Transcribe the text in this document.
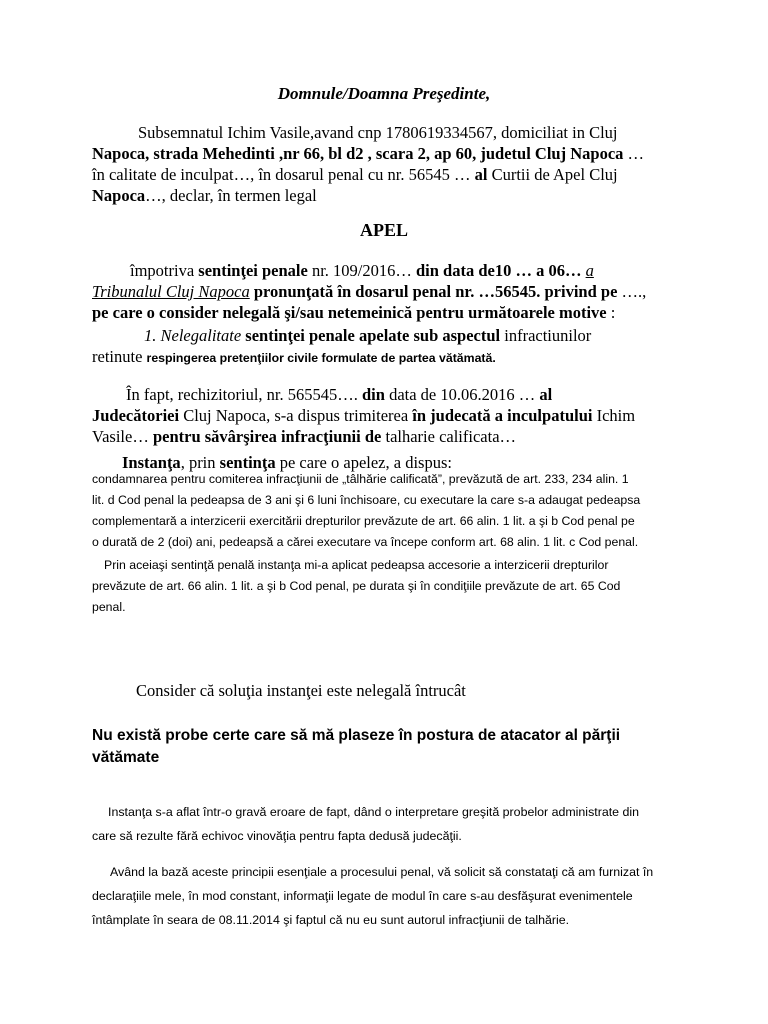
Domnule/Doamna Preşedinte,
Subsemnatul Ichim Vasile,avand cnp 1780619334567, domiciliat in Cluj
Napoca, strada Mehedinti ,nr 66, bl d2 , scara 2, ap 60, judetul Cluj Napoca …
în calitate de inculpat…, în dosarul penal cu nr. 56545 … al Curtii de Apel Cluj
Napoca…, declar, în termen legal
APEL
împotriva sentinţei penale nr. 109/2016… din data de10 … a 06… a
Tribunalul Cluj Napoca pronunţată în dosarul penal nr. …56545. privind pe ….,
pe care o consider nelegală şi/sau netemeinică pentru următoarele motive :
1. Nelegalitate sentinţei penale apelate sub aspectul infractiunilor
retinute respingerea pretenţiilor civile formulate de partea vătămată.
În fapt, rechizitoriul, nr. 565545…. din data de 10.06.2016 … al
Judecătoriei Cluj Napoca, s-a dispus trimiterea în judecată a inculpatului Ichim
Vasile… pentru săvârşirea infracţiunii de talharie calificata…
Instanţa, prin sentinţa pe care o apelez, a dispus:
condamnarea pentru comiterea infracţiunii de „tâlhărie calificată”, prevăzută de art. 233, 234 alin. 1
lit. d Cod penal la pedeapsa de 3 ani şi 6 luni închisoare, cu executare la care s-a adaugat pedeapsa
complementară a interzicerii exercitării drepturilor prevăzute de art. 66 alin. 1 lit. a şi b Cod penal pe
o durată de 2 (doi) ani, pedeapsă a cărei executare va începe conform art. 68 alin. 1 lit. c Cod penal.
Prin aceiaşi sentinţă penală instanţa mi-a aplicat pedeapsa accesorie a interzicerii drepturilor
prevăzute de art. 66 alin. 1 lit. a şi b Cod penal, pe durata şi în condiţiile prevăzute de art. 65 Cod
penal.
Consider că soluţia instanţei este nelegală întrucât
Nu există probe certe care să mă plaseze în postura de atacator al părţii vătămate
Instanţa s-a aflat într-o gravă eroare de fapt, dând o interpretare greşită probelor administrate din
care să rezulte fără echivoc vinovăţia pentru fapta dedusă judecăţii.
Având la bază aceste principii esenţiale a procesului penal, vă solicit să constataţi că am furnizat în
declaraţiile mele, în mod constant, informaţii legate de modul în care s-au desfăşurat evenimentele
întâmplate în seara de 08.11.2014 şi faptul că nu eu sunt autorul infracţiunii de talhărie.
